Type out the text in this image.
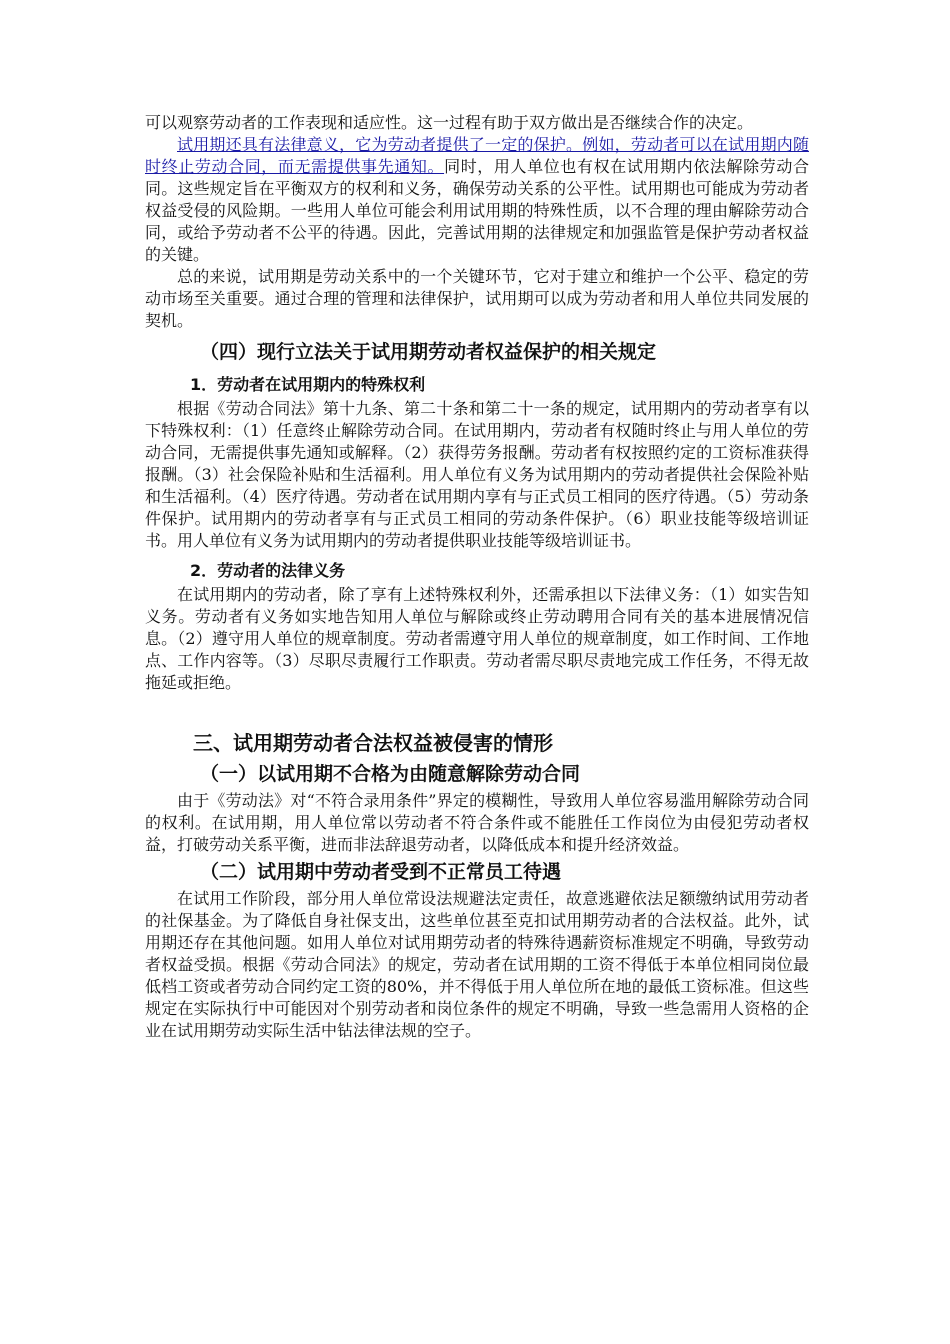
可以观察劳动者的工作表现和适应性。这一过程有助于双方做出是否继续合作的决定。

试用期还具有法律意义，它为劳动者提供了一定的保护。例如，劳动者可以在试用期内随时终止劳动合同，而无需提供事先通知。同时，用人单位也有权在试用期内依法解除劳动合同。这些规定旨在平衡双方的权利和义务，确保劳动关系的公平性。试用期也可能成为劳动者权益受侵的风险期。一些用人单位可能会利用试用期的特殊性质，以不合理的理由解除劳动合同，或给予劳动者不公平的待遇。因此，完善试用期的法律规定和加强监管是保护劳动者权益的关键。

总的来说，试用期是劳动关系中的一个关键环节，它对于建立和维护一个公平、稳定的劳动市场至关重要。通过合理的管理和法律保护，试用期可以成为劳动者和用人单位共同发展的契机。

（四）现行立法关于试用期劳动者权益保护的相关规定
1．劳动者在试用期内的特殊权利

根据《劳动合同法》第十九条、第二十条和第二十一条的规定，试用期内的劳动者享有以下特殊权利：（1）任意终止解除劳动合同。在试用期内，劳动者有权随时终止与用人单位的劳动合同，无需提供事先通知或解释。（2）获得劳务报酬。劳动者有权按照约定的工资标准获得报酬。（3）社会保险补贴和生活福利。用人单位有义务为试用期内的劳动者提供社会保险补贴和生活福利。（4）医疗待遇。劳动者在试用期内享有与正式员工相同的医疗待遇。（5）劳动条件保护。试用期内的劳动者享有与正式员工相同的劳动条件保护。（6）职业技能等级培训证书。用人单位有义务为试用期内的劳动者提供职业技能等级培训证书。

2．劳动者的法律义务

在试用期内的劳动者，除了享有上述特殊权利外，还需承担以下法律义务：（1）如实告知义务。劳动者有义务如实地告知用人单位与解除或终止劳动聘用合同有关的基本进展情况信息。（2）遵守用人单位的规章制度。劳动者需遵守用人单位的规章制度，如工作时间、工作地点、工作内容等。（3）尽职尽责履行工作职责。劳动者需尽职尽责地完成工作任务，不得无故拖延或拒绝。

三、试用期劳动者合法权益被侵害的情形
（一）以试用期不合格为由随意解除劳动合同

由于《劳动法》对“不符合录用条件”界定的模糊性，导致用人单位容易滥用解除劳动合同的权利。在试用期，用人单位常以劳动者不符合条件或不能胜任工作岗位为由侵犯劳动者权益，打破劳动关系平衡，进而非法辞退劳动者，以降低成本和提升经济效益。

（二）试用期中劳动者受到不正常员工待遇

在试用工作阶段，部分用人单位常设法规避法定责任，故意逃避依法足额缴纳试用劳动者的社保基金。为了降低自身社保支出，这些单位甚至克扣试用期劳动者的合法权益。此外，试用期还存在其他问题。如用人单位对试用期劳动者的特殊待遇薪资标准规定不明确，导致劳动者权益受损。根据《劳动合同法》的规定，劳动者在试用期的工资不得低于本单位相同岗位最低档工资或者劳动合同约定工资的80%，并不得低于用人单位所在地的最低工资标准。但这些规定在实际执行中可能因对个别劳动者和岗位条件的规定不明确，导致一些急需用人资格的企业在试用期劳动实际生活中钻法律法规的空子。
